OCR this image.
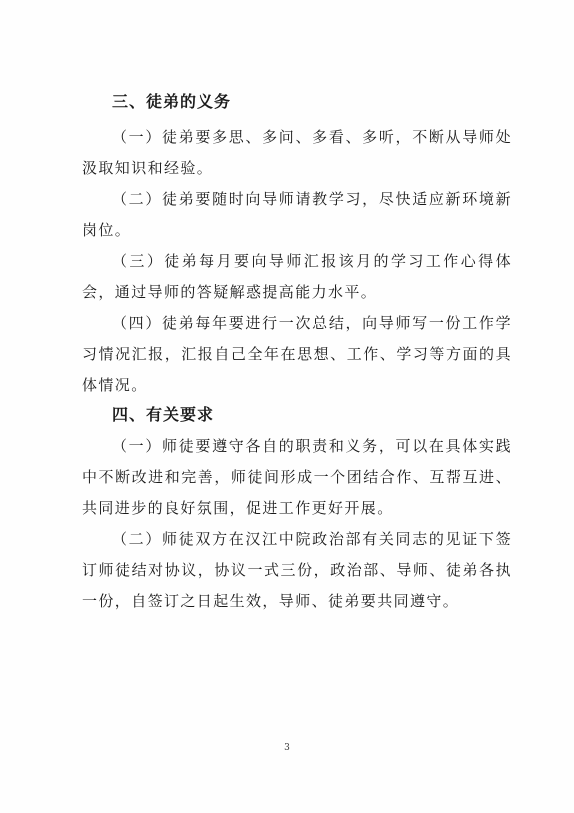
三、徒弟的义务

（一）徒弟要多思、多问、多看、多听，不断从导师处汲取知识和经验。

（二）徒弟要随时向导师请教学习，尽快适应新环境新岗位。

（三）徒弟每月要向导师汇报该月的学习工作心得体会，通过导师的答疑解惑提高能力水平。

（四）徒弟每年要进行一次总结，向导师写一份工作学习情况汇报，汇报自己全年在思想、工作、学习等方面的具体情况。

四、有关要求

（一）师徒要遵守各自的职责和义务，可以在具体实践中不断改进和完善，师徒间形成一个团结合作、互帮互进、共同进步的良好氛围，促进工作更好开展。

（二）师徒双方在汉江中院政治部有关同志的见证下签订师徒结对协议，协议一式三份，政治部、导师、徒弟各执一份，自签订之日起生效，导师、徒弟要共同遵守。

3
